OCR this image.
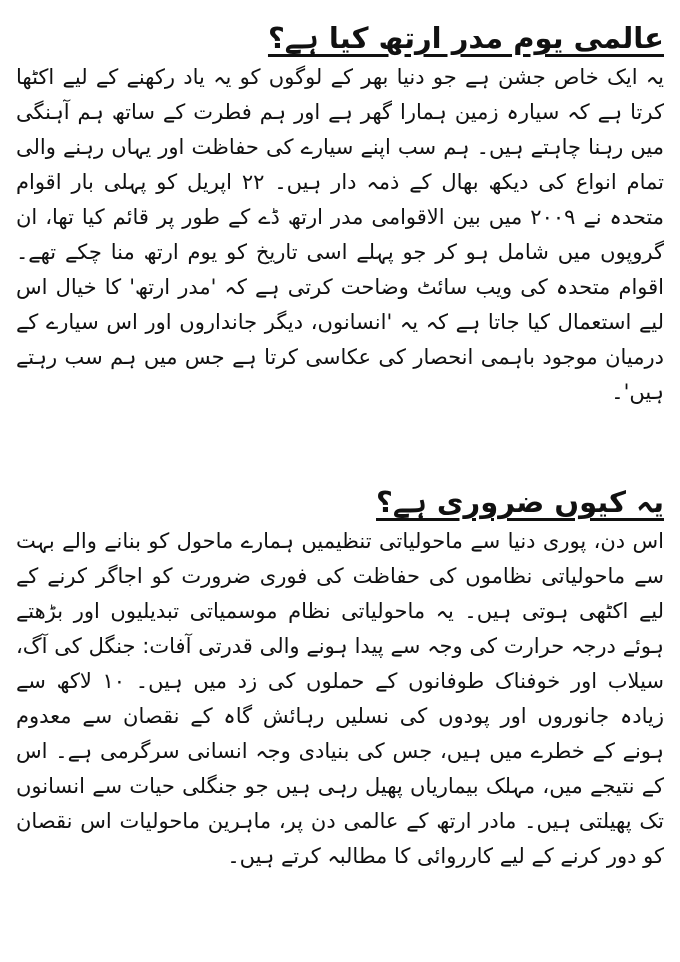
عالمی یوم مدر ارتھ کیا ہے؟

یہ ایک خاص جشن ہے جو دنیا بھر کے لوگوں کو یہ یاد رکھنے کے لیے اکٹھا کرتا ہے کہ سیارہ زمین ہمارا گھر ہے اور ہم فطرت کے ساتھ ہم آہنگی میں رہنا چاہتے ہیں۔ ہم سب اپنے سیارے کی حفاظت اور یہاں رہنے والی تمام انواع کی دیکھ بھال کے ذمہ دار ہیں۔ ۲۲ اپریل کو پہلی بار اقوام متحدہ نے ۲۰۰۹ میں بین الاقوامی مدر ارتھ ڈے کے طور پر قائم کیا تھا، ان گروپوں میں شامل ہو کر جو پہلے اسی تاریخ کو یوم ارتھ منا چکے تھے۔ اقوام متحدہ کی ویب سائٹ وضاحت کرتی ہے کہ 'مدر ارتھ' کا خیال اس لیے استعمال کیا جاتا ہے کہ یہ 'انسانوں، دیگر جانداروں اور اس سیارے کے درمیان موجود باہمی انحصار کی عکاسی کرتا ہے جس میں ہم سب رہتے ہیں'۔

یہ کیوں ضروری ہے؟

اس دن، پوری دنیا سے ماحولیاتی تنظیمیں ہمارے ماحول کو بنانے والے بہت سے ماحولیاتی نظاموں کی حفاظت کی فوری ضرورت کو اجاگر کرنے کے لیے اکٹھی ہوتی ہیں۔ یہ ماحولیاتی نظام موسمیاتی تبدیلیوں اور بڑھتے ہوئے درجہ حرارت کی وجہ سے پیدا ہونے والی قدرتی آفات: جنگل کی آگ، سیلاب اور خوفناک طوفانوں کے حملوں کی زد میں ہیں۔ ۱۰ لاکھ سے زیادہ جانوروں اور پودوں کی نسلیں رہائش گاہ کے نقصان سے معدوم ہونے کے خطرے میں ہیں، جس کی بنیادی وجہ انسانی سرگرمی ہے۔ اس کے نتیجے میں، مہلک بیماریاں پھیل رہی ہیں جو جنگلی حیات سے انسانوں تک پھیلتی ہیں۔ مادر ارتھ کے عالمی دن پر، ماہرین ماحولیات اس نقصان کو دور کرنے کے لیے کارروائی کا مطالبہ کرتے ہیں۔
